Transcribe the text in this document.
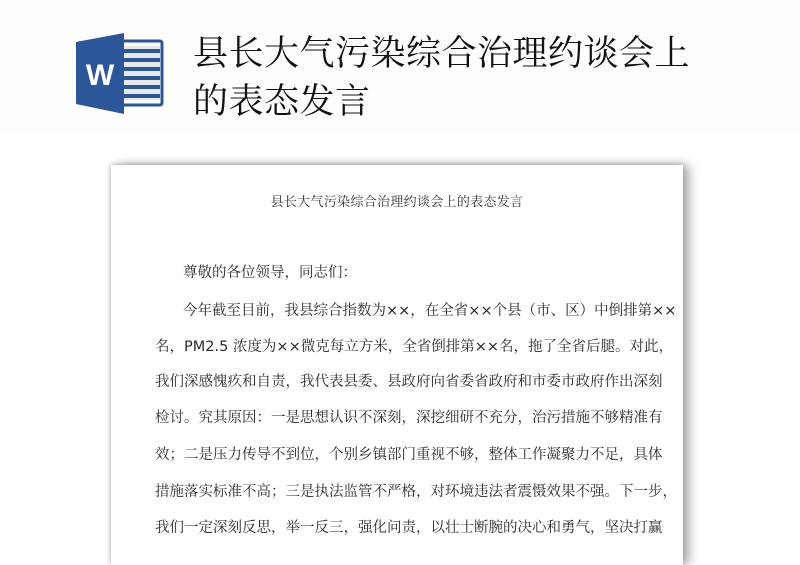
W
县长大气污染综合治理约谈会上
的表态发言
县长大气污染综合治理约谈会上的表态发言
尊敬的各位领导，同志们：
今年截至目前，我县综合指数为××，在全省××个县（市、区）中倒排第××
名，PM2.5 浓度为××微克每立方米，全省倒排第××名，拖了全省后腿。对此，
我们深感愧疚和自责，我代表县委、县政府向省委省政府和市委市政府作出深刻
检讨。究其原因：一是思想认识不深刻，深挖细研不充分，治污措施不够精准有
效；二是压力传导不到位，个别乡镇部门重视不够，整体工作凝聚力不足，具体
措施落实标准不高；三是执法监管不严格，对环境违法者震慑效果不强。下一步，
我们一定深刻反思，举一反三，强化问责，以壮士断腕的决心和勇气，坚决打赢
